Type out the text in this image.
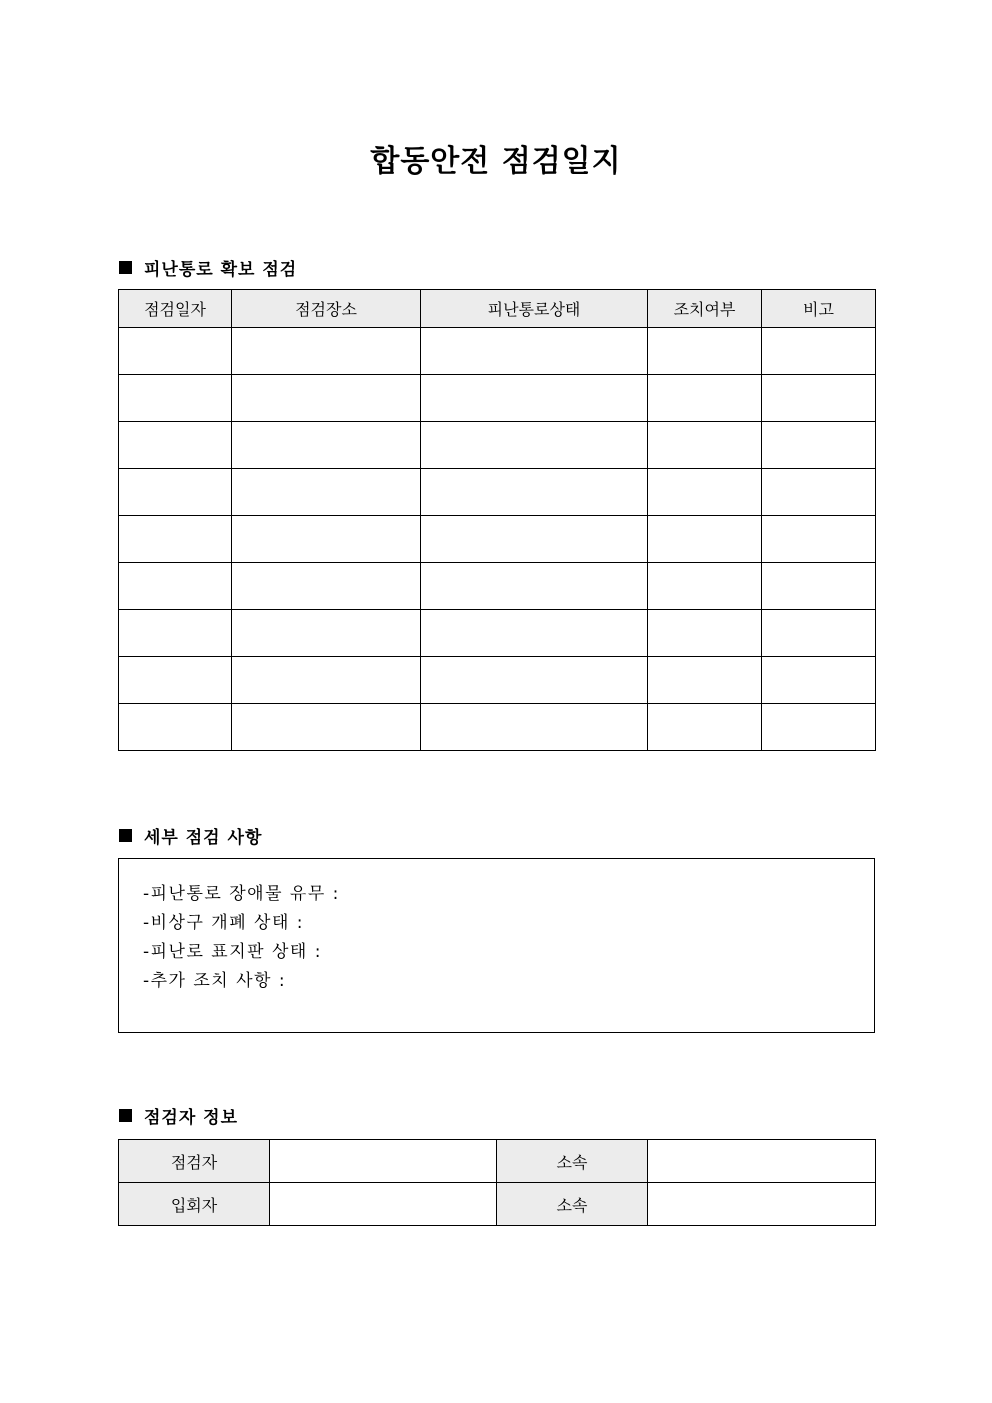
합동안전 점검일지
피난통로 확보 점검
점검일자	점검장소	피난통로상태	조치여부	비고

세부 점검 사항
-피난통로 장애물 유무 :
-비상구 개폐 상태 :
-피난로 표지판 상태 :
-추가 조치 사항 :
점검자 정보
점검자		소속	
입회자		소속	
